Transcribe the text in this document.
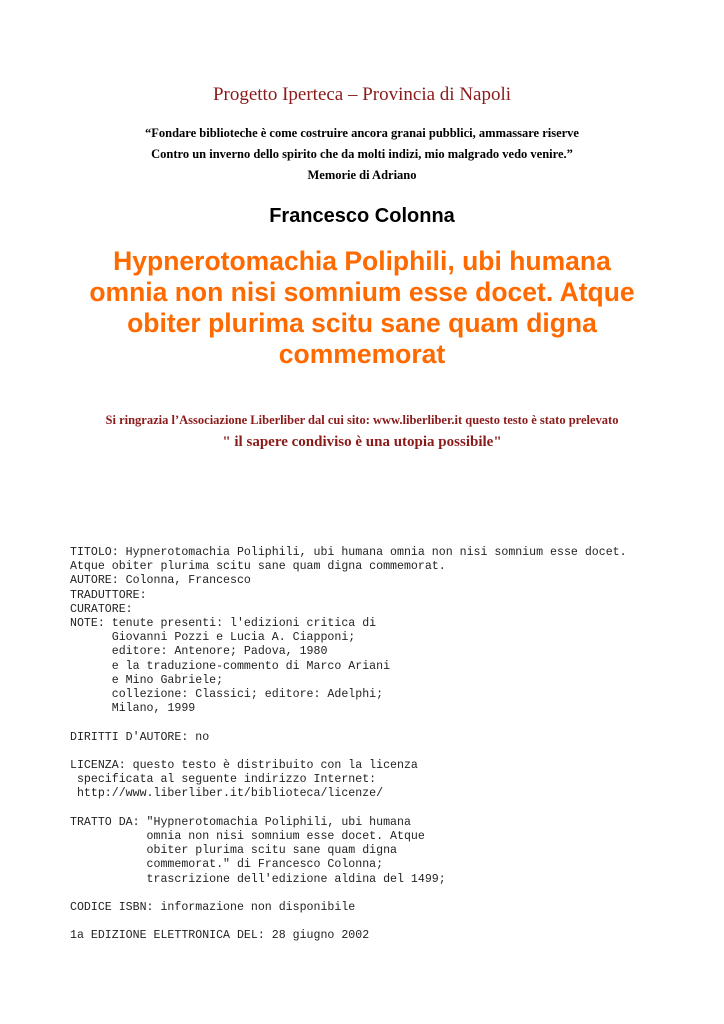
Progetto Iperteca – Provincia di Napoli
“Fondare biblioteche è come costruire ancora granai pubblici, ammassare riserve
Contro un inverno dello spirito che da molti indizi, mio malgrado vedo venire.”
Memorie di Adriano
Francesco Colonna
Hypnerotomachia Poliphili, ubi humana
omnia non nisi somnium esse docet. Atque
obiter plurima scitu sane quam digna
commemorat
Si ringrazia l’Associazione Liberliber dal cui sito: www.liberliber.it questo testo è stato prelevato
" il sapere condiviso è una utopia possibile"
TITOLO: Hypnerotomachia Poliphili, ubi humana omnia non nisi somnium esse docet.
Atque obiter plurima scitu sane quam digna commemorat.
AUTORE: Colonna, Francesco
TRADUTTORE:
CURATORE:
NOTE: tenute presenti: l'edizioni critica di
Giovanni Pozzi e Lucia A. Ciapponi;
editore: Antenore; Padova, 1980
e la traduzione-commento di Marco Ariani
e Mino Gabriele;
collezione: Classici; editore: Adelphi;
Milano, 1999

DIRITTI D'AUTORE: no

LICENZA: questo testo è distribuito con la licenza
specificata al seguente indirizzo Internet:
http://www.liberliber.it/biblioteca/licenze/

TRATTO DA: "Hypnerotomachia Poliphili, ubi humana
omnia non nisi somnium esse docet. Atque
obiter plurima scitu sane quam digna
commemorat." di Francesco Colonna;
trascrizione dell'edizione aldina del 1499;

CODICE ISBN: informazione non disponibile

1a EDIZIONE ELETTRONICA DEL: 28 giugno 2002
